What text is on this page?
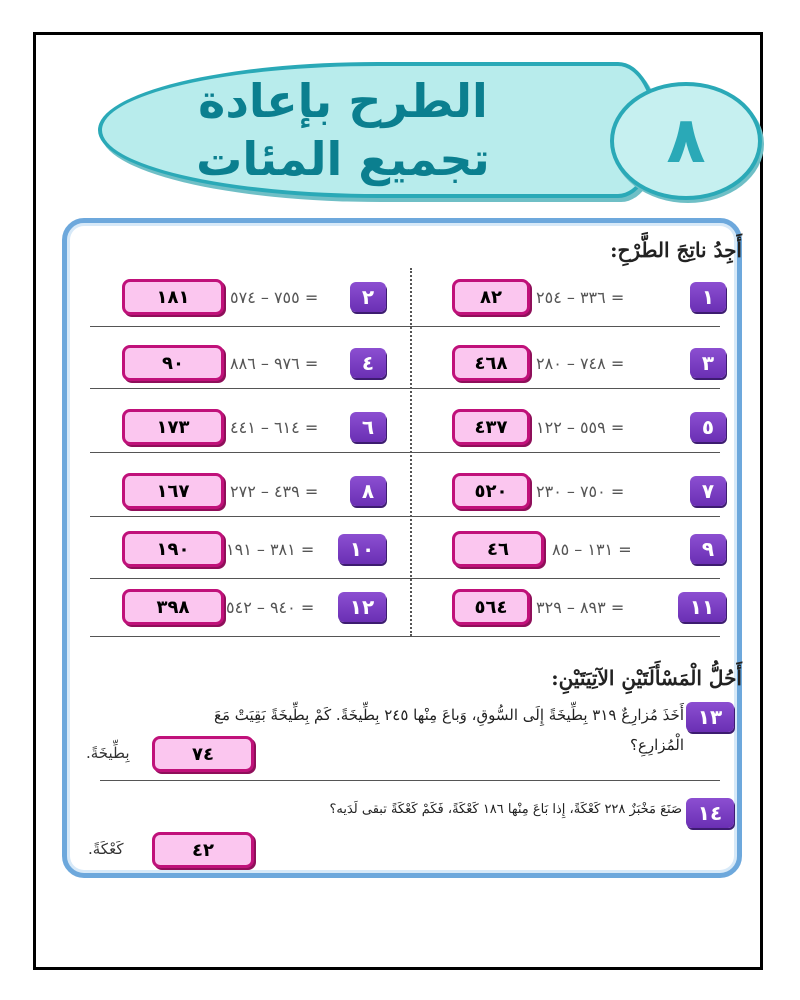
الطرح بإعادة
تجميع المئات	٨
أَجِدُ ناتِجَ الطَّرْحِ:
١
٣٣٦ – ٢٥٤ =
٨٢
٢
٧٥٥ – ٥٧٤ =
١٨١
٣
٧٤٨ – ٢٨٠ =
٤٦٨
٤
٩٧٦ – ٨٨٦ =
٩٠
٥
٥٥٩ – ١٢٢ =
٤٣٧
٦
٦١٤ – ٤٤١ =
١٧٣
٧
٧٥٠ – ٢٣٠ =
٥٢٠
٨
٤٣٩ – ٢٧٢ =
١٦٧
٩
١٣١ – ٨٥ =
٤٦
١٠
٣٨١ – ١٩١ =
١٩٠
١١
٨٩٣ – ٣٢٩ =
٥٦٤
١٢
٩٤٠ – ٥٤٢ =
٣٩٨
أَحُلُّ الْمَسْأَلَتَيْنِ الآتِيَتَيْنِ:
١٣
أَخَذَ مُزارِعٌ ٣١٩ بِطِّيخَةً إِلَى السُّوقِ، وَباعَ مِنْها ٢٤٥ بِطِّيخَةً. كَمْ بِطِّيخَةً بَقِيَتْ مَعَ
الْمُزارِعِ؟
٧٤
بِطِّيخَةً.
١٤
صَنَعَ مَخْبَزٌ ٢٢٨ كَعْكَةً، إِذا بَاعَ مِنْها ١٨٦ كَعْكَةً، فَكَمْ كَعْكَةً تبقى لَدَيه؟
٤٢
كَعْكَةً.
